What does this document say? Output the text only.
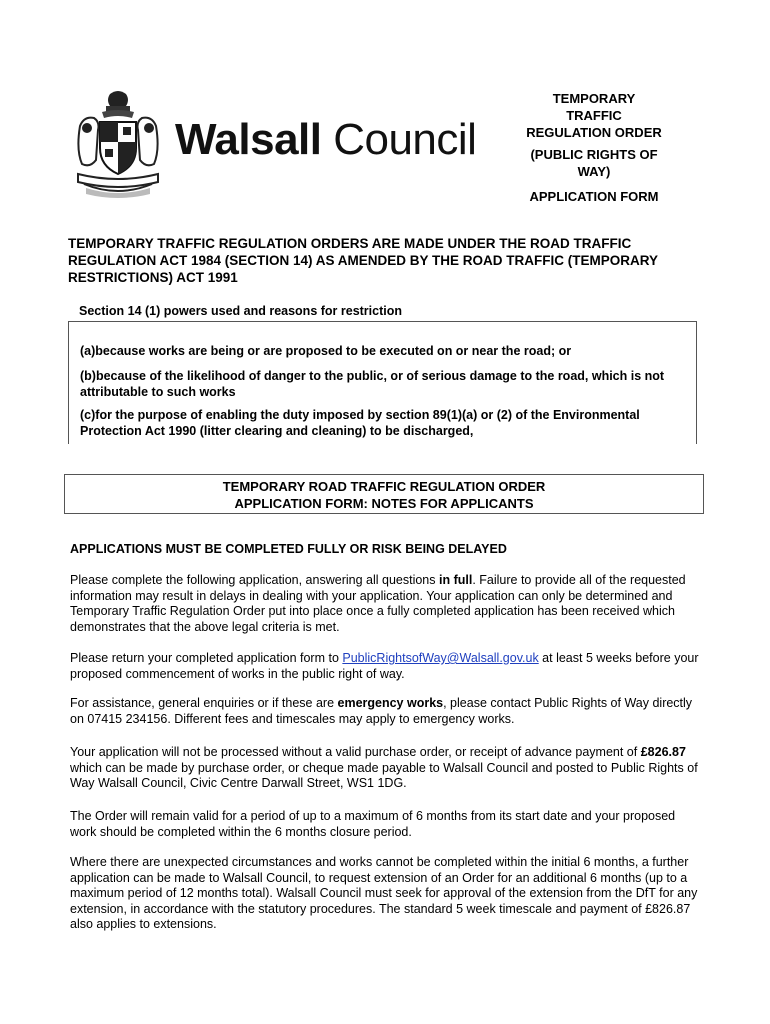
Walsall Council
TEMPORARY
TRAFFIC
REGULATION ORDER
(PUBLIC RIGHTS OF
WAY)
APPLICATION FORM
TEMPORARY TRAFFIC REGULATION ORDERS ARE MADE UNDER THE ROAD TRAFFIC REGULATION ACT 1984 (SECTION 14) AS AMENDED BY THE ROAD TRAFFIC (TEMPORARY RESTRICTIONS) ACT 1991
Section 14 (1) powers used and reasons for restriction
(a)because works are being or are proposed to be executed on or near the road; or
(b)because of the likelihood of danger to the public, or of serious damage to the road, which is not attributable to such works
(c)for the purpose of enabling the duty imposed by section 89(1)(a) or (2) of the Environmental Protection Act 1990 (litter clearing and cleaning) to be discharged,
TEMPORARY ROAD TRAFFIC REGULATION ORDER
APPLICATION FORM: NOTES FOR APPLICANTS
APPLICATIONS MUST BE COMPLETED FULLY OR RISK BEING DELAYED
Please complete the following application, answering all questions in full. Failure to provide all of the requested information may result in delays in dealing with your application. Your application can only be determined and Temporary Traffic Regulation Order put into place once a fully completed application has been received which demonstrates that the above legal criteria is met.
Please return your completed application form to PublicRightsofWay@Walsall.gov.uk at least 5 weeks before your proposed commencement of works in the public right of way.
For assistance, general enquiries or if these are emergency works, please contact Public Rights of Way directly on 07415 234156. Different fees and timescales may apply to emergency works.
Your application will not be processed without a valid purchase order, or receipt of advance payment of £826.87 which can be made by purchase order, or cheque made payable to Walsall Council and posted to Public Rights of Way Walsall Council, Civic Centre Darwall Street, WS1 1DG.
The Order will remain valid for a period of up to a maximum of 6 months from its start date and your proposed work should be completed within the 6 months closure period.
Where there are unexpected circumstances and works cannot be completed within the initial 6 months, a further application can be made to Walsall Council, to request extension of an Order for an additional 6 months (up to a maximum period of 12 months total). Walsall Council must seek for approval of the extension from the DfT for any extension, in accordance with the statutory procedures. The standard 5 week timescale and payment of £826.87 also applies to extensions.
